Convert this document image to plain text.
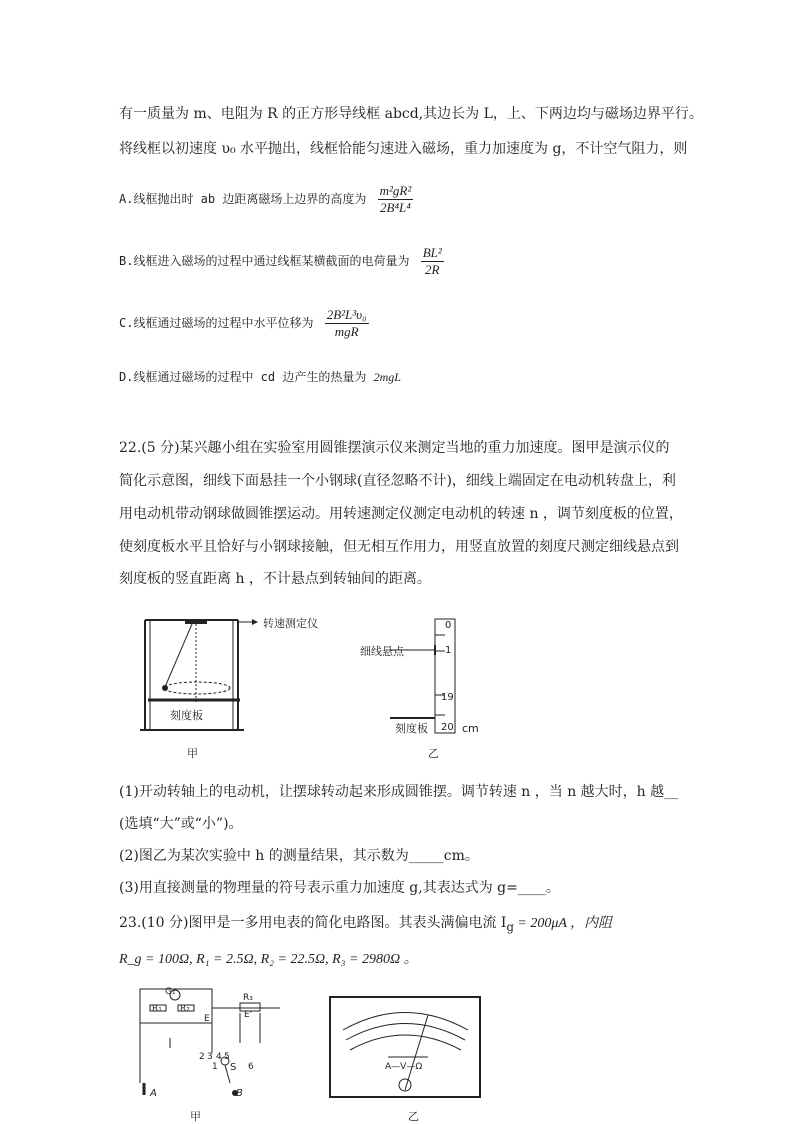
有一质量为 m、电阻为 R 的正方形导线框 abcd,其边长为 L，上、下两边均与磁场边界平行。
将线框以初速度 υ₀ 水平抛出，线框恰能匀速进入磁场，重力加速度为 g，不计空气阻力，则
A.线框抛出时 ab 边距离磁场上边界的高度为 $\frac{\text{m²gR²}}{\text{2B⁴L⁴}}$
B.线框进入磁场的过程中通过线框某横截面的电荷量为 $\frac{\text{BL²}}{2R}$
C.线框通过磁场的过程中水平位移为 $\frac{\text{2B²L³υ₀}}{\text{mgR}}$
D.线框通过磁场的过程中 cd 边产生的热量为 2mgL
22.(5 分)某兴趣小组在实验室用圆锥摆演示仪来测定当地的重力加速度。图甲是演示仪的
简化示意图，细线下面悬挂一个小钢球(直径忽略不计)，细线上端固定在电动机转盘上，利
用电动机带动钢球做圆锥摆运动。用转速测定仪测定电动机的转速 n ，调节刻度板的位置，
使刻度板水平且恰好与小钢球接触，但无相互作用力，用竖直放置的刻度尺测定细线悬点到
刻度板的竖直距离 h ，不计悬点到转轴间的距离。
转速测定仪
刻度板
甲
0
1
19
20 cm
细线悬点
刻度板
乙
(1)开动转轴上的电动机，让摆球转动起来形成圆锥摆。调节转速 n ，当 n 越大时，h 越__
(选填“大”或“小”)。
(2)图乙为某次实验中 h 的测量结果，其示数为_____cm。
(3)用直接测量的物理量的符号表示重力加速度 g,其表达式为 g=____。
23.(10 分)图甲是一多用电表的简化电路图。其表头满偏电流 $I_g = 200\mu A$ ，内阻
R_g = 100Ω, R₁ = 2.5Ω, R₂ = 22.5Ω, R₃ = 2980Ω 。
G₁
R₁ R₂
R₃
E	E'
2 3 4 5
1 S 6
A	B
甲
A—V—Ω
乙
